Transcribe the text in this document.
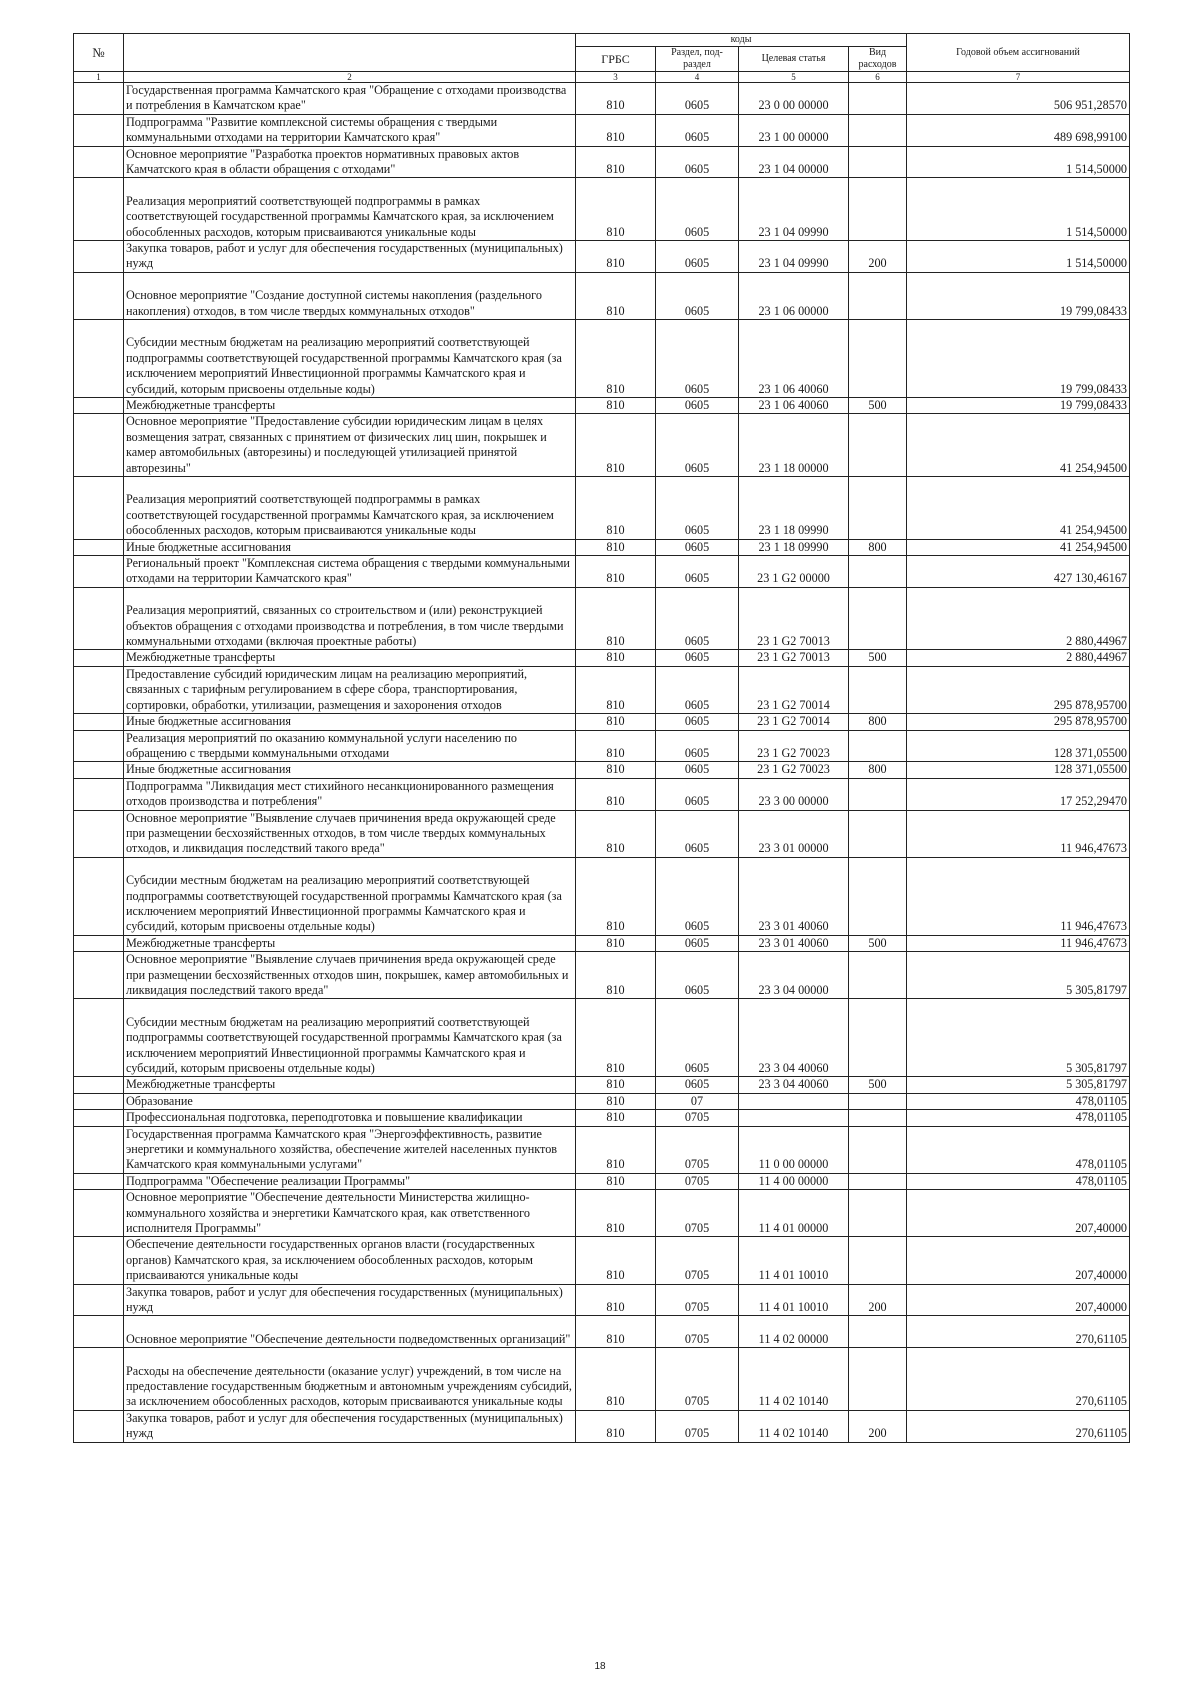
№		коды				Годовой объем ассигнований
		ГРБС	Раздел, под-раздел	Целевая статья	Вид расходов	
1	2	3	4	5	6	7
	Государственная программа Камчатского края "Обращение с отходами производства и потребления в Камчатском крае"	810	0605	23 0 00 00000		506 951,28570
	Подпрограмма "Развитие комплексной системы обращения с твердыми коммунальными отходами на территории Камчатского края"	810	0605	23 1 00 00000		489 698,99100
	Основное мероприятие "Разработка проектов нормативных правовых актов Камчатского края в области обращения с отходами"	810	0605	23 1 04 00000		1 514,50000
	Реализация мероприятий соответствующей подпрограммы в рамках соответствующей государственной программы Камчатского края, за исключением обособленных расходов, которым присваиваются уникальные коды	810	0605	23 1 04 09990		1 514,50000
	Закупка товаров, работ и услуг для обеспечения государственных (муниципальных) нужд	810	0605	23 1 04 09990	200	1 514,50000
	Основное мероприятие "Создание доступной системы накопления (раздельного накопления) отходов, в том числе твердых коммунальных отходов"	810	0605	23 1 06 00000		19 799,08433
	Субсидии местным бюджетам на реализацию мероприятий соответствующей подпрограммы соответствующей государственной программы Камчатского края (за исключением мероприятий Инвестиционной программы Камчатского края и субсидий, которым присвоены отдельные коды)	810	0605	23 1 06 40060		19 799,08433
	Межбюджетные трансферты	810	0605	23 1 06 40060	500	19 799,08433
	Основное мероприятие "Предоставление субсидии юридическим лицам в целях возмещения затрат, связанных с принятием от физических лиц шин, покрышек и камер автомобильных (авторезины) и последующей утилизацией принятой авторезины"	810	0605	23 1 18 00000		41 254,94500
	Реализация мероприятий соответствующей подпрограммы в рамках соответствующей государственной программы Камчатского края, за исключением обособленных расходов, которым присваиваются уникальные коды	810	0605	23 1 18 09990		41 254,94500
	Иные бюджетные ассигнования	810	0605	23 1 18 09990	800	41 254,94500
	Региональный проект "Комплексная система обращения с твердыми коммунальными отходами на территории Камчатского края"	810	0605	23 1 G2 00000		427 130,46167
	Реализация мероприятий, связанных со строительством и (или) реконструкцией объектов обращения с отходами производства и потребления, в том числе твердыми коммунальными отходами (включая проектные работы)	810	0605	23 1 G2 70013		2 880,44967
	Межбюджетные трансферты	810	0605	23 1 G2 70013	500	2 880,44967
	Предоставление субсидий юридическим лицам на реализацию мероприятий, связанных с тарифным регулированием в сфере сбора, транспортирования, сортировки, обработки, утилизации, размещения и захоронения отходов	810	0605	23 1 G2 70014		295 878,95700
	Иные бюджетные ассигнования	810	0605	23 1 G2 70014	800	295 878,95700
	Реализация мероприятий по оказанию коммунальной услуги населению по обращению с твердыми коммунальными отходами	810	0605	23 1 G2 70023		128 371,05500
	Иные бюджетные ассигнования	810	0605	23 1 G2 70023	800	128 371,05500
	Подпрограмма "Ликвидация мест стихийного несанкционированного размещения отходов производства и потребления"	810	0605	23 3 00 00000		17 252,29470
	Основное мероприятие "Выявление случаев причинения вреда окружающей среде при размещении бесхозяйственных отходов, в том числе твердых коммунальных отходов, и ликвидация последствий такого вреда"	810	0605	23 3 01 00000		11 946,47673
	Субсидии местным бюджетам на реализацию мероприятий соответствующей подпрограммы соответствующей государственной программы Камчатского края (за исключением мероприятий Инвестиционной программы Камчатского края и субсидий, которым присвоены отдельные коды)	810	0605	23 3 01 40060		11 946,47673
	Межбюджетные трансферты	810	0605	23 3 01 40060	500	11 946,47673
	Основное мероприятие "Выявление случаев причинения вреда окружающей среде при размещении бесхозяйственных отходов шин, покрышек, камер автомобильных и ликвидация последствий такого вреда"	810	0605	23 3 04 00000		5 305,81797
	Субсидии местным бюджетам на реализацию мероприятий соответствующей подпрограммы соответствующей государственной программы Камчатского края (за исключением мероприятий Инвестиционной программы Камчатского края и субсидий, которым присвоены отдельные коды)	810	0605	23 3 04 40060		5 305,81797
	Межбюджетные трансферты	810	0605	23 3 04 40060	500	5 305,81797
	Образование	810	07			478,01105
	Профессиональная подготовка, переподготовка и повышение квалификации	810	0705			478,01105
	Государственная программа Камчатского края "Энергоэффективность, развитие энергетики и коммунального хозяйства, обеспечение жителей населенных пунктов Камчатского края коммунальными услугами"	810	0705	11 0 00 00000		478,01105
	Подпрограмма "Обеспечение реализации Программы"	810	0705	11 4 00 00000		478,01105
	Основное мероприятие "Обеспечение деятельности Министерства жилищно-коммунального хозяйства и энергетики Камчатского края, как ответственного исполнителя Программы"	810	0705	11 4 01 00000		207,40000
	Обеспечение деятельности государственных органов власти (государственных органов) Камчатского края, за исключением обособленных расходов, которым присваиваются уникальные коды	810	0705	11 4 01 10010		207,40000
	Закупка товаров, работ и услуг для обеспечения государственных (муниципальных) нужд	810	0705	11 4 01 10010	200	207,40000
	Основное мероприятие "Обеспечение деятельности подведомственных организаций"	810	0705	11 4 02 00000		270,61105
	Расходы на обеспечение деятельности (оказание услуг) учреждений, в том числе на предоставление государственным бюджетным и автономным учреждениям субсидий, за исключением обособленных расходов, которым присваиваются уникальные коды	810	0705	11 4 02 10140		270,61105
	Закупка товаров, работ и услуг для обеспечения государственных (муниципальных) нужд	810	0705	11 4 02 10140	200	270,61105
18
